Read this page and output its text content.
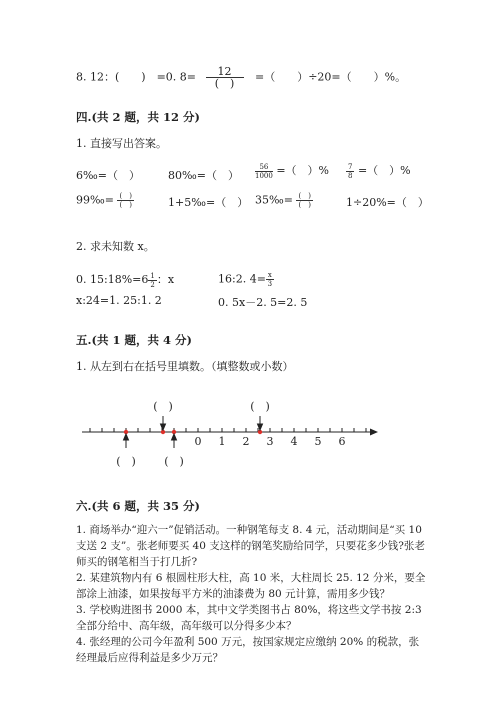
8. 12：(　　)　=0. $8= \frac{12}{( )}$ =（　　）÷20=（　　）%。
四.(共 2 题，共 12 分)
1. 直接写出答案。
6‰=（　）	80‰=（　） $\frac{56}{1000}$ =（　）% $\frac{7}{8}$ =（　）%
99‰= $\frac{( )}{( )}$	1+5‰=（　） 35‰= $\frac{( )}{( )}$	1÷20%=（　）
2. 求未知数 x。
0. 15:18%=6 $\frac{1}{2}$ ：x	16:2. $4= \frac{x}{3}$
x:24=1. 25:1. 2	0. 5x－2. 5=2. 5
五.(共 1 题，共 4 分)
1. 从左到右在括号里填数。（填整数或小数）
0 1 2 3 4 5 6
(　)	(　)
(　)	(　)
六.(共 6 题，共 35 分)
1. 商场举办“迎六一”促销活动。一种钢笔每支 8. 4 元，活动期间是“买 10 支送 2 支”。张老师要买 40 支这样的钢笔奖励给同学，只要花多少钱?张老师买的钢笔相当于打几折?
2. 某建筑物内有 6 根圆柱形大柱，高 10 米，大柱周长 25. 12 分米，要全部涂上油漆，如果按每平方米的油漆费为 80 元计算，需用多少钱？
3. 学校购进图书 2000 本，其中文学类图书占 80%，将这些文学书按 2:3 全部分给中、高年级，高年级可以分得多少本？
4. 张经理的公司今年盈利 500 万元，按国家规定应缴纳 20% 的税款，张经理最后应得利益是多少万元？
